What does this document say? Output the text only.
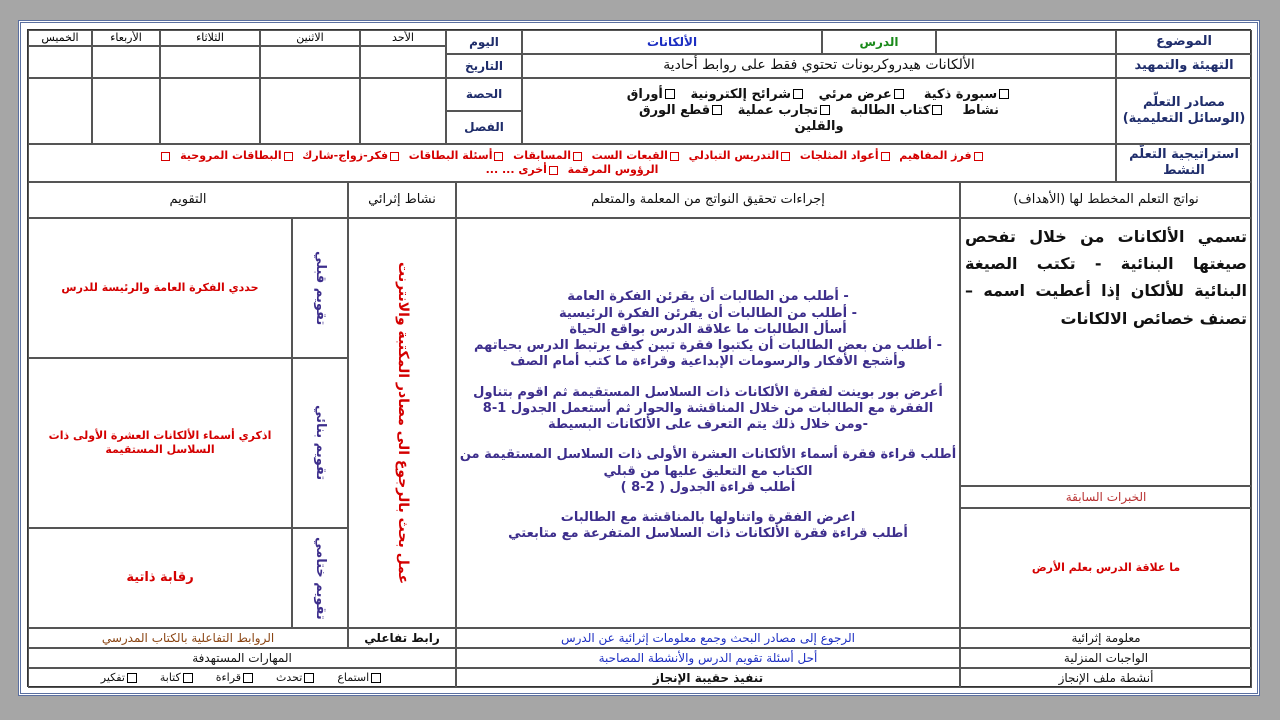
الموضوع
الدرس
الألكانات
اليوم
الأحد
الاثنين
الثلاثاء
الأربعاء
الخميس
التهيئة والتمهيد
الألكانات هيدروكربونات تحتوي فقط على روابط أحادية
التاريخ
مصادر التعلّم (الوسائل التعليمية)

سبورة ذكية    عرض مرئي   شرائح إلكترونية   أوراق

نشاط    كتاب الطالبة    تجارب عملية   قطع الورق

والقلين

الحصة
الفصل
استراتيجية التعلّم النشط

فرز المفاهيم  أعواد المثلجات  التدريس التبادلي  القبعات الست  المسابقات  أسئلة البطاقات  فكر-زواج-شارك  البطاقات المروحية

الرؤوس المرقمة  أخرى ... ...

نواتج التعلم المخطط لها (الأهداف)
إجراءات تحقيق النواتج من المعلمة والمتعلم
نشاط إثرائي
التقويم
تسمي الألكانات من خلال تفحص صيغتها البنائية - تكتب الصيغة البنائية للألكان إذا أعطيت اسمه – تصنف خصائص الالكانات
الخبرات السابقة
ما علاقة الدرس بعلم الأرض

- أطلب من الطالبات أن يقرئن الفكرة العامة

- أطلب من الطالبات أن يقرئن الفكرة الرئيسية

أسأل الطالبات ما علاقة الدرس بواقع الحياة

- أطلب من بعض الطالبات أن يكتبوا فقرة تبين كيف يرتبط الدرس بحياتهم وأشجع الأفكار والرسومات الإبداعية وقراءة ما كتب أمام الصف

أعرض بور بوينت لفقرة الألكانات ذات السلاسل المستقيمة ثم اقوم بتناول الفقرة مع الطالبات من خلال المناقشة والحوار ثم أستعمل الجدول 1-8

-ومن خلال ذلك يتم التعرف على الألكانات البسيطة

أطلب قراءة فقرة أسماء الألكانات العشرة الأولى ذات السلاسل المستقيمة من الكتاب مع التعليق عليها من قبلي

أطلب قراءة الجدول ( 2-8 )

اعرض الفقرة واتناولها بالمناقشة مع الطالبات

أطلب قراءة فقرة الألكانات ذات السلاسل المتفرعة مع متابعتي

عمل بحث بالرجوع الى مصادر المكتبة والانترنت
تقويم قبلي
حددي الفكرة العامة والرئيسة للدرس
تقويم بنائي
اذكري أسماء الألكانات العشرة الأولى ذات السلاسل المستقيمة
تقويم ختامي
رقابة ذاتية
معلومة إثرائية
الرجوع إلى مصادر البحث وجمع معلومات إثرائية عن الدرس
رابط تفاعلي
الروابط التفاعلية بالكتاب المدرسي
الواجبات المنزلية
أحل أسئلة تقويم الدرس والأنشطة المصاحبة
المهارات المستهدفة
أنشطة ملف الإنجاز
تنفيذ حقيبة الإنجاز
استماع

تحدث

قراءة

كتابة

تفكير
